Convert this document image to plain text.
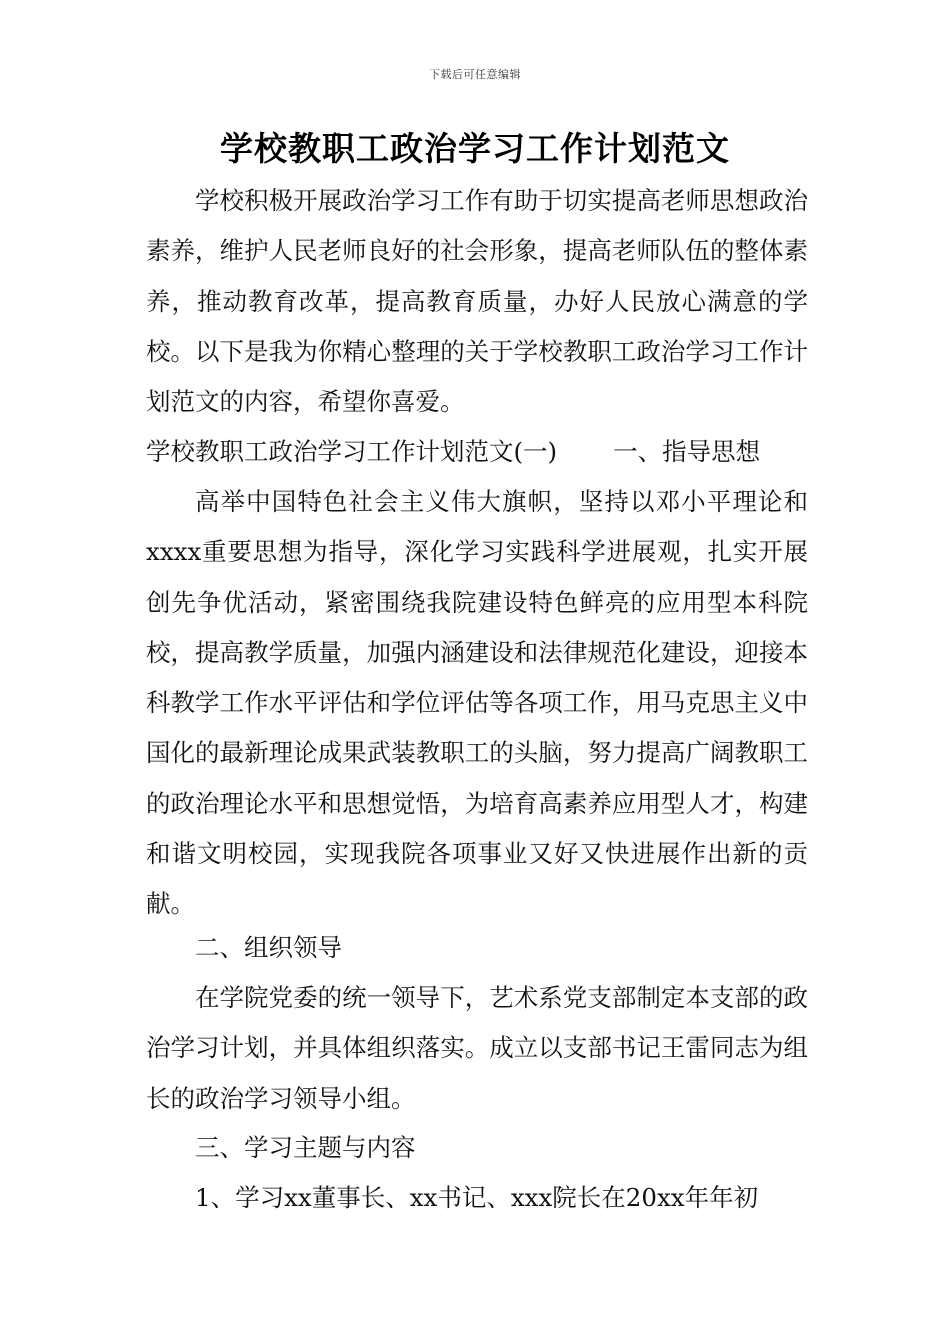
下载后可任意编辑
学校教职工政治学习工作计划范文

学校积极开展政治学习工作有助于切实提高老师思想政治素养，维护人民老师良好的社会形象，提高老师队伍的整体素养，推动教育改革，提高教育质量，办好人民放心满意的学校。以下是我为你精心整理的关于学校教职工政治学习工作计划范文的内容，希望你喜爱。

学校教职工政治学习工作计划范文(一) 一、指导思想

高举中国特色社会主义伟大旗帜，坚持以邓小平理论和xxxx重要思想为指导，深化学习实践科学进展观，扎实开展创先争优活动，紧密围绕我院建设特色鲜亮的应用型本科院校，提高教学质量，加强内涵建设和法律规范化建设，迎接本科教学工作水平评估和学位评估等各项工作，用马克思主义中国化的最新理论成果武装教职工的头脑，努力提高广阔教职工的政治理论水平和思想觉悟，为培育高素养应用型人才，构建和谐文明校园，实现我院各项事业又好又快进展作出新的贡献。

二、组织领导

在学院党委的统一领导下，艺术系党支部制定本支部的政治学习计划，并具体组织落实。成立以支部书记王雷同志为组长的政治学习领导小组。

三、学习主题与内容

1、学习xx董事长、xx书记、xxx院长在20xx年年初
